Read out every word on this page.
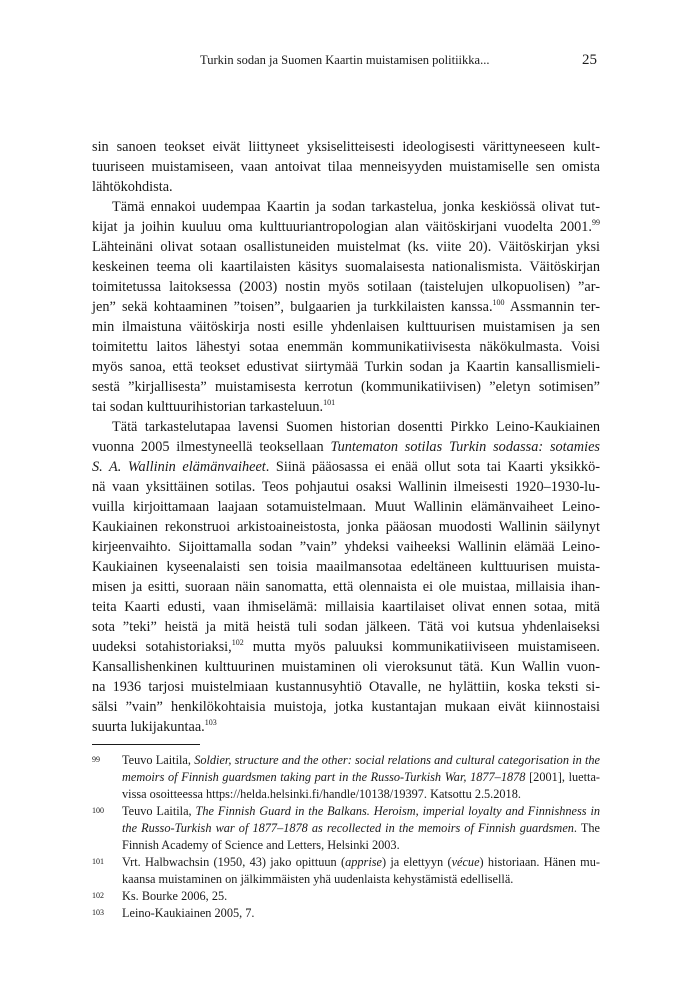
Turkin sodan ja Suomen Kaartin muistamisen politiikka...	25
sin sanoen teokset eivät liittyneet yksiselitteisesti ideologisesti värittyneeseen kult-
tuuriseen muistamiseen, vaan antoivat tilaa menneisyyden muistamiselle sen omista
lähtökohdista.
Tämä ennakoi uudempaa Kaartin ja sodan tarkastelua, jonka keskiössä olivat tut-
kijat ja joihin kuuluu oma kulttuuriantropologian alan väitöskirjani vuodelta 2001.99
Lähteinäni olivat sotaan osallistuneiden muistelmat (ks. viite 20). Väitöskirjan yksi
keskeinen teema oli kaartilaisten käsitys suomalaisesta nationalismista. Väitöskirjan
toimitetussa laitoksessa (2003) nostin myös sotilaan (taistelujen ulkopuolisen) ”ar-
jen” sekä kohtaaminen ”toisen”, bulgaarien ja turkkilaisten kanssa.$^{100}$ Assmannin ter-
min ilmaistuna väitöskirja nosti esille yhdenlaisen kulttuurisen muistamisen ja sen
toimitettu laitos lähestyi sotaa enemmän kommunikatiivisesta näkökulmasta. Voisi
myös sanoa, että teokset edustivat siirtymää Turkin sodan ja Kaartin kansallismieli-
sestä ”kirjallisesta” muistamisesta kerrotun (kommunikatiivisen) ”eletyn sotimisen”
tai sodan kulttuurihistorian tarkasteluun.$^{101}$
Tätä tarkastelutapaa lavensi Suomen historian dosentti Pirkko Leino-Kaukiainen
vuonna 2005 ilmestyneellä teoksellaan Tuntematon sotilas Turkin sodassa: sotamies
S. A. Wallinin elämänvaiheet. Siinä pääosassa ei enää ollut sota tai Kaarti yksikkö-
nä vaan yksittäinen sotilas. Teos pohjautui osaksi Wallinin ilmeisesti 1920–1930-lu-
vuilla kirjoittamaan laajaan sotamuistelmaan. Muut Wallinin elämänvaiheet Leino-
Kaukiainen rekonstruoi arkistoaineistosta, jonka pääosan muodosti Wallinin säilynyt
kirjeenvaihto. Sijoittamalla sodan ”vain” yhdeksi vaiheeksi Wallinin elämää Leino-
Kaukiainen kyseenalaisti sen toisia maailmansotaa edeltäneen kulttuurisen muista-
misen ja esitti, suoraan näin sanomatta, että olennaista ei ole muistaa, millaisia ihan-
teita Kaarti edusti, vaan ihmiselämä: millaisia kaartilaiset olivat ennen sotaa, mitä
sota ”teki” heistä ja mitä heistä tuli sodan jälkeen. Tätä voi kutsua yhdenlaiseksi
uudeksi sotahistoriaksi,$^{102}$ mutta myös paluuksi kommunikatiiviseen muistamiseen.
Kansallishenkinen kulttuurinen muistaminen oli vieroksunut tätä. Kun Wallin vuon-
na 1936 tarjosi muistelmiaan kustannusyhtiö Otavalle, ne hylättiin, koska teksti si-
sälsi ”vain” henkilökohtaisia muistoja, jotka kustantajan mukaan eivät kiinnostaisi
suurta lukijakuntaa.$^{103}$
99 Teuvo Laitila, Soldier, structure and the other: social relations and cultural categorisation in the
memoirs of Finnish guardsmen taking part in the Russo-Turkish War, 1877–1878 [2001], luetta-
vissa osoitteessa https://helda.helsinki.fi/handle/10138/19397. Katsottu 2.5.2018.
100 Teuvo Laitila, The Finnish Guard in the Balkans. Heroism, imperial loyalty and Finnishness in
the Russo-Turkish war of 1877–1878 as recollected in the memoirs of Finnish guardsmen. The
Finnish Academy of Science and Letters, Helsinki 2003.
101 Vrt. Halbwachsin (1950, 43) jako opittuun (apprise) ja elettyyn (vécue) historiaan. Hänen mu-
kaansa muistaminen on jälkimmäisten yhä uudenlaista kehystämistä edellisellä.
102 Ks. Bourke 2006, 25.
103 Leino-Kaukiainen 2005, 7.
